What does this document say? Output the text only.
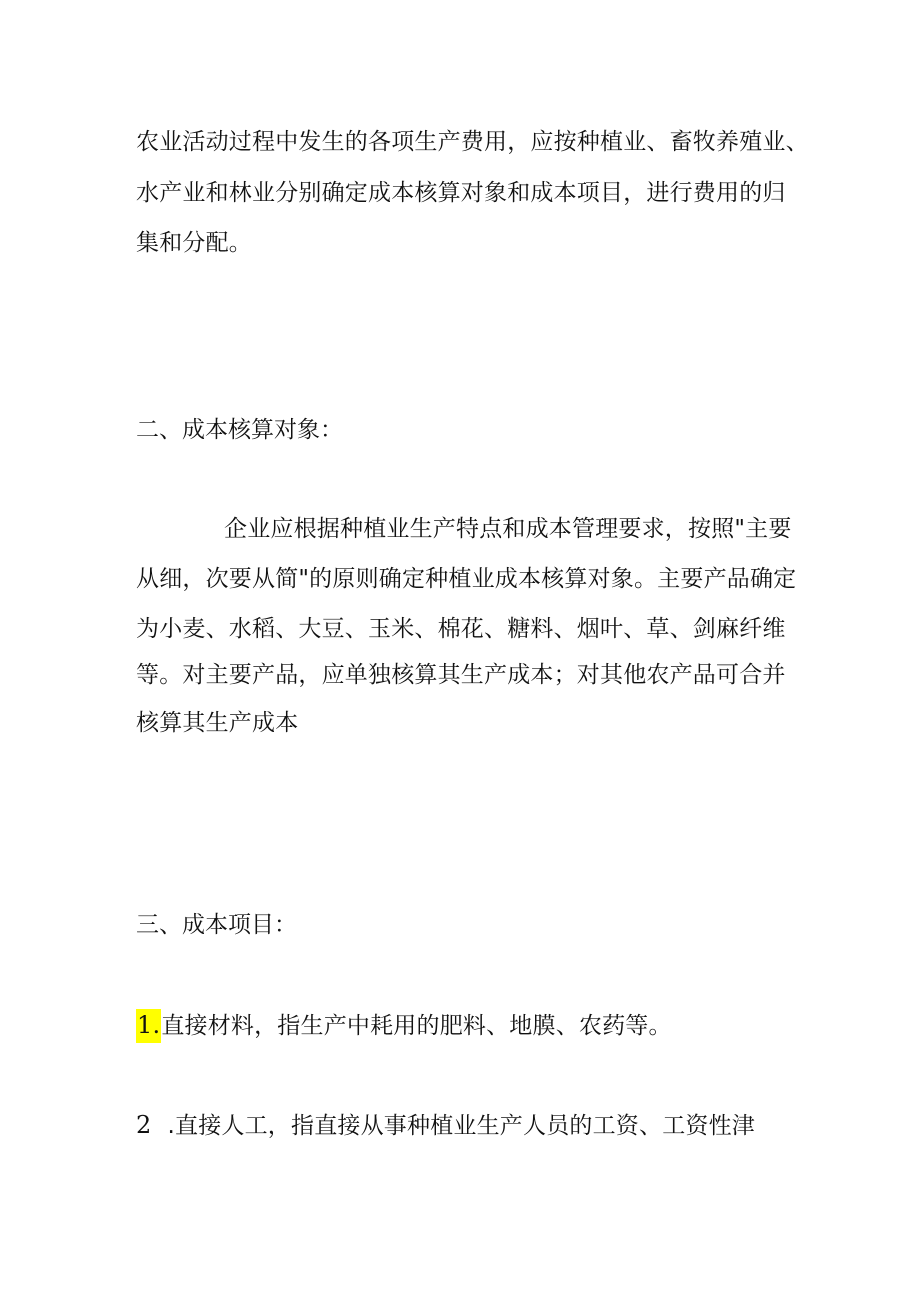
农业活动过程中发生的各项生产费用，应按种植业、畜牧养殖业、
水产业和林业分别确定成本核算对象和成本项目，进行费用的归
集和分配。
二、成本核算对象：
企业应根据种植业生产特点和成本管理要求，按照"主要
从细，次要从简"的原则确定种植业成本核算对象。主要产品确定
为小麦、水稻、大豆、玉米、棉花、糖料、烟叶、草、剑麻纤维
等。对主要产品，应单独核算其生产成本；对其他农产品可合并
核算其生产成本
三、成本项目：
1.直接材料，指生产中耗用的肥料、地膜、农药等。
2 .直接人工，指直接从事种植业生产人员的工资、工资性津
